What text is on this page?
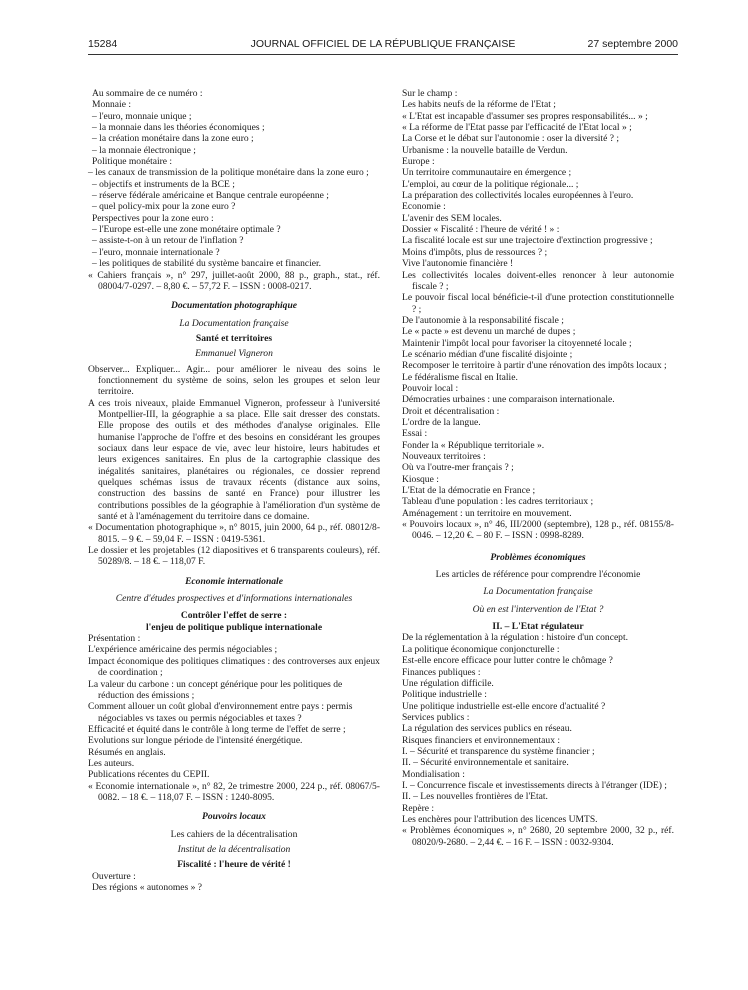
15284	JOURNAL OFFICIEL DE LA RÉPUBLIQUE FRANÇAISE	27 septembre 2000
Au sommaire de ce numéro :
Monnaie :
– l'euro, monnaie unique ;
– la monnaie dans les théories économiques ;
– la création monétaire dans la zone euro ;
– la monnaie électronique ;
Politique monétaire :
– les canaux de transmission de la politique monétaire dans la zone euro ;
– objectifs et instruments de la BCE ;
– réserve fédérale américaine et Banque centrale européenne ;
– quel policy-mix pour la zone euro ?
Perspectives pour la zone euro :
– l'Europe est-elle une zone monétaire optimale ?
– assiste-t-on à un retour de l'inflation ?
– l'euro, monnaie internationale ?
– les politiques de stabilité du système bancaire et financier.
« Cahiers français », n° 297, juillet-août 2000, 88 p., graph., stat., réf. 08004/7-0297. – 8,80 €. – 57,72 F. – ISSN : 0008-0217.
Documentation photographique
La Documentation française
Santé et territoires
Emmanuel Vigneron
Observer... Expliquer... Agir... pour améliorer le niveau des soins le fonctionnement du système de soins, selon les groupes et selon leur territoire.
A ces trois niveaux, plaide Emmanuel Vigneron, professeur à l'université Montpellier-III, la géographie a sa place. Elle sait dresser des constats. Elle propose des outils et des méthodes d'analyse originales. Elle humanise l'approche de l'offre et des besoins en considérant les groupes sociaux dans leur espace de vie, avec leur histoire, leurs habitudes et leurs exigences sanitaires. En plus de la cartographie classique des inégalités sanitaires, planétaires ou régionales, ce dossier reprend quelques schémas issus de travaux récents (distance aux soins, construction des bassins de santé en France) pour illustrer les contributions possibles de la géographie à l'amélioration d'un système de santé et à l'aménagement du territoire dans ce domaine.
« Documentation photographique », n° 8015, juin 2000, 64 p., réf. 08012/8-8015. – 9 €. – 59,04 F. – ISSN : 0419-5361.
Le dossier et les projetables (12 diapositives et 6 transparents couleurs), réf. 50289/8. – 18 €. – 118,07 F.
Economie internationale
Centre d'études prospectives et d'informations internationales
Contrôler l'effet de serre :
l'enjeu de politique publique internationale
Présentation :
L'expérience américaine des permis négociables ;
Impact économique des politiques climatiques : des controverses aux enjeux de coordination ;
La valeur du carbone : un concept générique pour les politiques de réduction des émissions ;
Comment allouer un coût global d'environnement entre pays : permis négociables vs taxes ou permis négociables et taxes ?
Efficacité et équité dans le contrôle à long terme de l'effet de serre ;
Evolutions sur longue période de l'intensité énergétique.
Résumés en anglais.
Les auteurs.
Publications récentes du CEPII.
« Economie internationale », n° 82, 2e trimestre 2000, 224 p., réf. 08067/5-0082. – 18 €. – 118,07 F. – ISSN : 1240-8095.
Pouvoirs locaux
Les cahiers de la décentralisation
Institut de la décentralisation
Fiscalité : l'heure de vérité !
Ouverture :
Des régions « autonomes » ?
Sur le champ :
Les habits neufs de la réforme de l'Etat ;
« L'Etat est incapable d'assumer ses propres responsabilités... » ;
« La réforme de l'Etat passe par l'efficacité de l'Etat local » ;
La Corse et le débat sur l'autonomie : oser la diversité ? ;
Urbanisme : la nouvelle bataille de Verdun.
Europe :
Un territoire communautaire en émergence ;
L'emploi, au cœur de la politique régionale... ;
La préparation des collectivités locales européennes à l'euro.
Economie :
L'avenir des SEM locales.
Dossier « Fiscalité : l'heure de vérité ! » :
La fiscalité locale est sur une trajectoire d'extinction progressive ;
Moins d'impôts, plus de ressources ? ;
Vive l'autonomie financière !
Les collectivités locales doivent-elles renoncer à leur autonomie fiscale ? ;
Le pouvoir fiscal local bénéficie-t-il d'une protection constitutionnelle ? ;
De l'autonomie à la responsabilité fiscale ;
Le « pacte » est devenu un marché de dupes ;
Maintenir l'impôt local pour favoriser la citoyenneté locale ;
Le scénario médian d'une fiscalité disjointe ;
Recomposer le territoire à partir d'une rénovation des impôts locaux ;
Le fédéralisme fiscal en Italie.
Pouvoir local :
Démocraties urbaines : une comparaison internationale.
Droit et décentralisation :
L'ordre de la langue.
Essai :
Fonder la « République territoriale ».
Nouveaux territoires :
Où va l'outre-mer français ? ;
Kiosque :
L'Etat de la démocratie en France ;
Tableau d'une population : les cadres territoriaux ;
Aménagement : un territoire en mouvement.
« Pouvoirs locaux », n° 46, III/2000 (septembre), 128 p., réf. 08155/8-0046. – 12,20 €. – 80 F. – ISSN : 0998-8289.
Problèmes économiques
Les articles de référence pour comprendre l'économie
La Documentation française
Où en est l'intervention de l'Etat ?
II. – L'Etat régulateur
De la réglementation à la régulation : histoire d'un concept.
La politique économique conjoncturelle :
Est-elle encore efficace pour lutter contre le chômage ?
Finances publiques :
Une régulation difficile.
Politique industrielle :
Une politique industrielle est-elle encore d'actualité ?
Services publics :
La régulation des services publics en réseau.
Risques financiers et environnementaux :
I. – Sécurité et transparence du système financier ;
II. – Sécurité environnementale et sanitaire.
Mondialisation :
I. – Concurrence fiscale et investissements directs à l'étranger (IDE) ;
II. – Les nouvelles frontières de l'Etat.
Repère :
Les enchères pour l'attribution des licences UMTS.
« Problèmes économiques », n° 2680, 20 septembre 2000, 32 p., réf. 08020/9-2680. – 2,44 €. – 16 F. – ISSN : 0032-9304.
